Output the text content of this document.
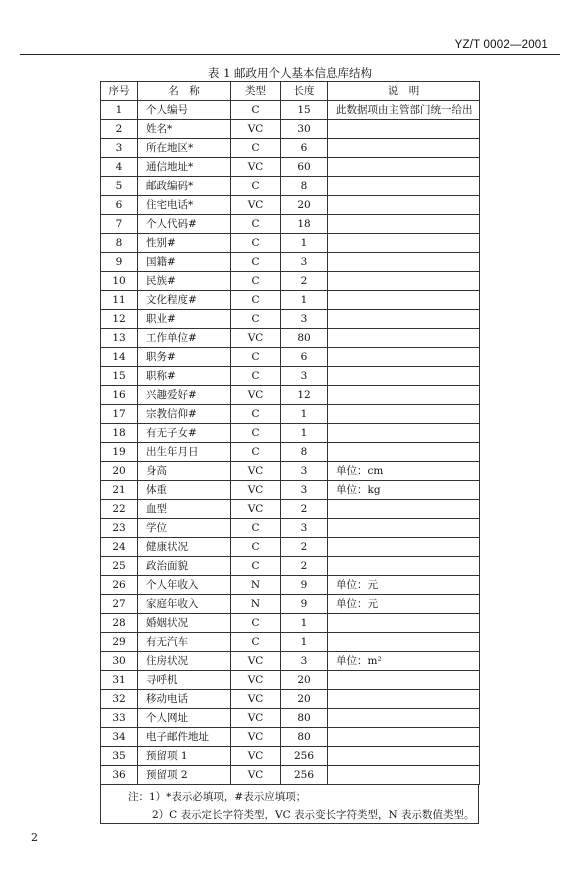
YZ/T 0002—2001
表 1 邮政用个人基本信息库结构
序号	名　称	类型	长度	说　明
1	个人编号	C	15	此数据项由主管部门统一给出
2	姓名*	VC	30	
3	所在地区*	C	6	
4	通信地址*	VC	60	
5	邮政编码*	C	8	
6	住宅电话*	VC	20	
7	个人代码#	C	18	
8	性别#	C	1	
9	国籍#	C	3	
10	民族#	C	2	
11	文化程度#	C	1	
12	职业#	C	3	
13	工作单位#	VC	80	
14	职务#	C	6	
15	职称#	C	3	
16	兴趣爱好#	VC	12	
17	宗教信仰#	C	1	
18	有无子女#	C	1	
19	出生年月日	C	8	
20	身高	VC	3	单位：cm
21	体重	VC	3	单位：kg
22	血型	VC	2	
23	学位	C	3	
24	健康状况	C	2	
25	政治面貌	C	2	
26	个人年收入	N	9	单位：元
27	家庭年收入	N	9	单位：元
28	婚姻状况	C	1	
29	有无汽车	C	1	
30	住房状况	VC	3	单位：m²
31	寻呼机	VC	20	
32	移动电话	VC	20	
33	个人网址	VC	80	
34	电子邮件地址	VC	80	
35	预留项 1	VC	256	
36	预留项 2	VC	256	
注：1）*表示必填项，#表示应填项；
2）C 表示定长字符类型，VC 表示变长字符类型，N 表示数值类型。
2
